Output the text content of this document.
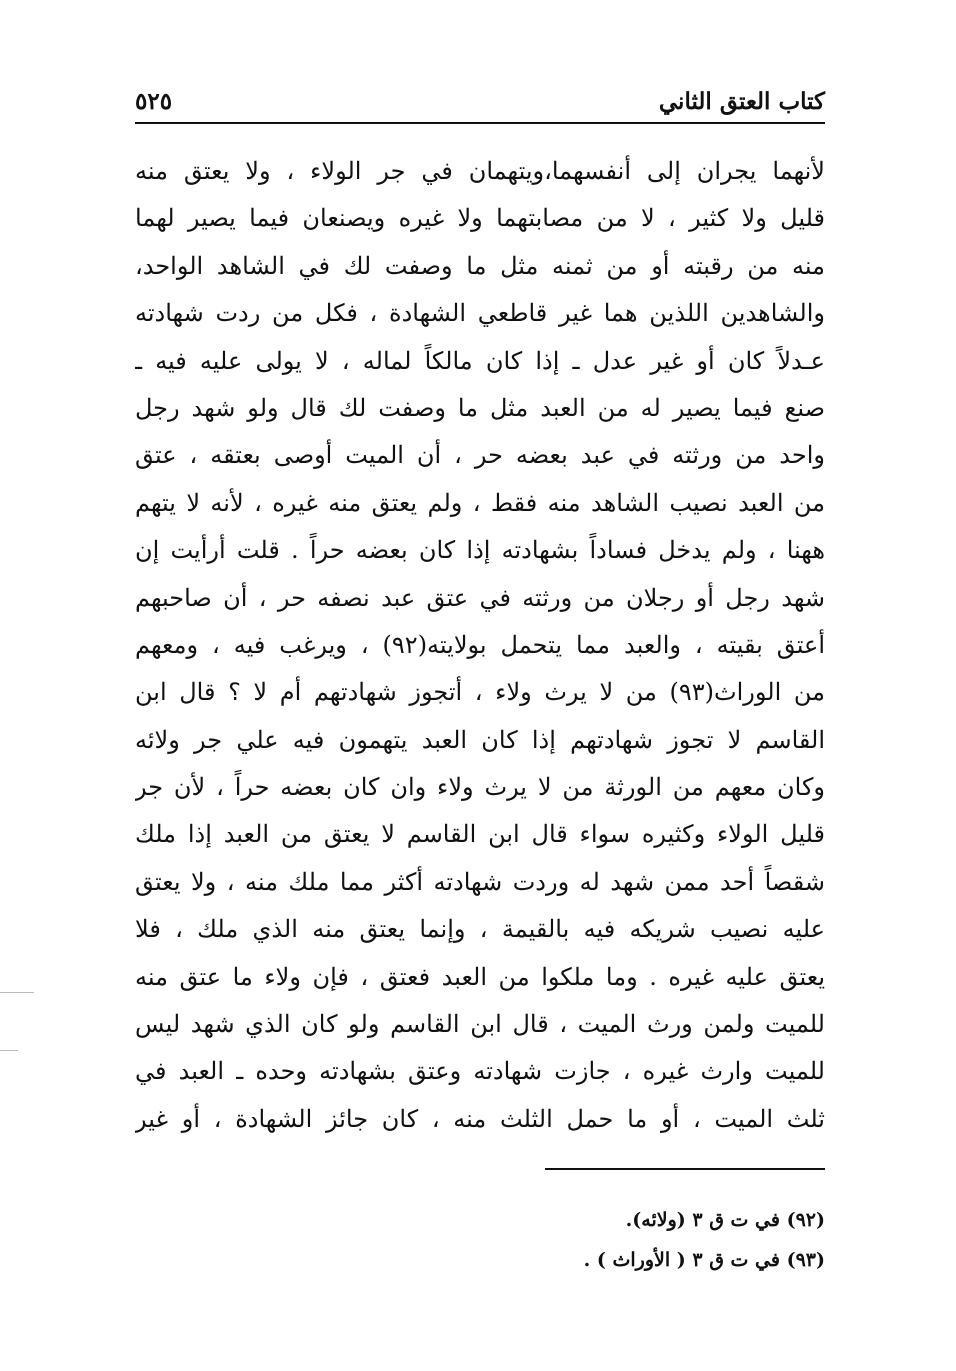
كتاب العتق الثاني
٥٢٥
لأنهما يجران إلى أنفسهما،ويتهمان في جر الولاء ، ولا يعتق منه
قليل ولا كثير ، لا من مصابتهما ولا غيره ويصنعان فيما يصير لهما
منه من رقبته أو من ثمنه مثل ما وصفت لك في الشاهد الواحد،
والشاهدين اللذين هما غير قاطعي الشهادة ، فكل من ردت شهادته
عـدلاً كان أو غير عدل ـ إذا كان مالكاً لماله ، لا يولى عليه فيه ـ
صنع فيما يصير له من العبد مثل ما وصفت لك قال ولو شهد رجل
واحد من ورثته في عبد بعضه حر ، أن الميت أوصى بعتقه ، عتق
من العبد نصيب الشاهد منه فقط ، ولم يعتق منه غيره ، لأنه لا يتهم
ههنا ، ولم يدخل فساداً بشهادته إذا كان بعضه حراً . قلت أرأيت إن
شهد رجل أو رجلان من ورثته في عتق عبد نصفه حر ، أن صاحبهم
أعتق بقيته ، والعبد مما يتحمل بولايته(٩٢) ، ويرغب فيه ، ومعهم
من الوراث(٩٣) من لا يرث ولاء ، أتجوز شهادتهم أم لا ؟ قال ابن
القاسم لا تجوز شهادتهم إذا كان العبد يتهمون فيه علي جر ولائه
وكان معهم من الورثة من لا يرث ولاء وان كان بعضه حراً ، لأن جر
قليل الولاء وكثيره سواء قال ابن القاسم لا يعتق من العبد إذا ملك
شقصاً أحد ممن شهد له وردت شهادته أكثر مما ملك منه ، ولا يعتق
عليه نصيب شريكه فيه بالقيمة ، وإنما يعتق منه الذي ملك ، فلا
يعتق عليه غيره . وما ملكوا من العبد فعتق ، فإن ولاء ما عتق منه
للميت ولمن ورث الميت ، قال ابن القاسم ولو كان الذي شهد ليس
للميت وارث غيره ، جازت شهادته وعتق بشهادته وحده ـ العبد في
ثلث الميت ، أو ما حمل الثلث منه ، كان جائز الشهادة ، أو غير
(٩٢) في ت ق ٣ (ولائه).
(٩٣) في ت ق ٣ ( الأوراث ) .
